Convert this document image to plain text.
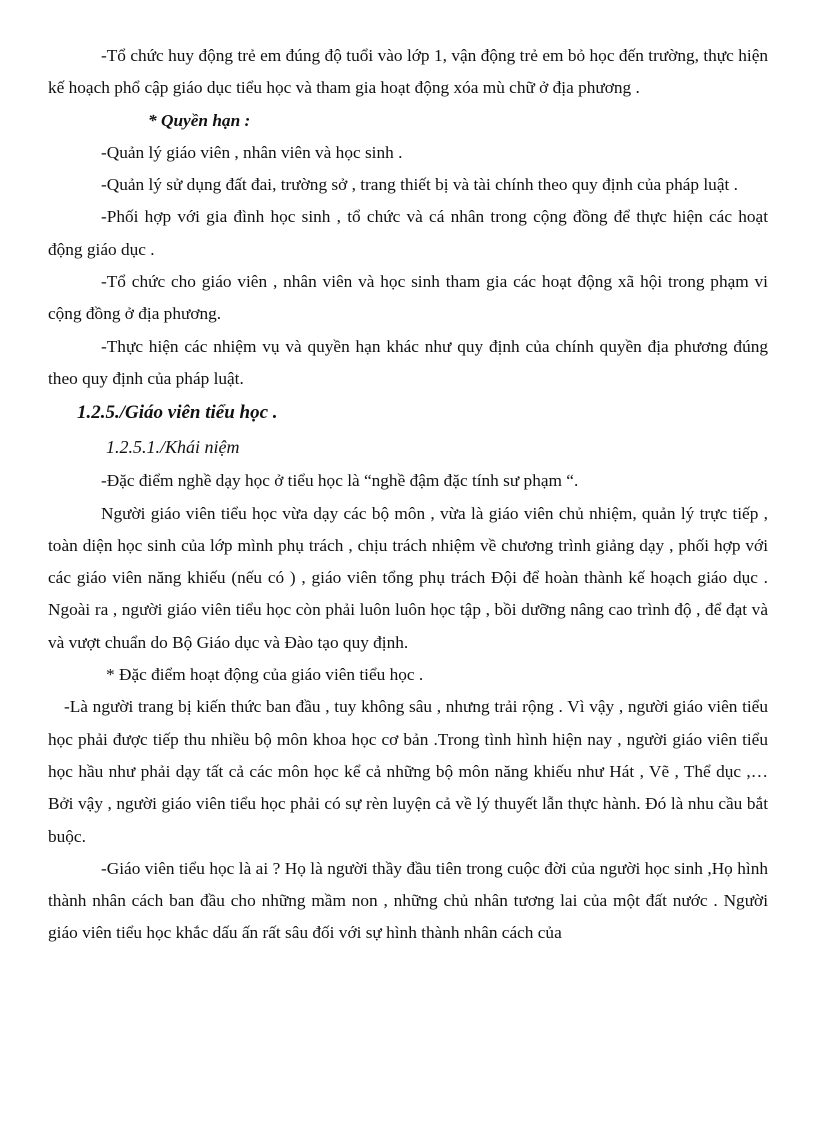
-Tổ chức huy động trẻ em đúng độ tuổi vào lớp 1, vận động trẻ em bỏ học đến trường, thực hiện kế hoạch phổ cập giáo dục tiểu học và tham gia hoạt động xóa mù chữ ở địa phương .

* Quyền hạn :

-Quản lý giáo viên , nhân viên và học sinh .

-Quản lý sử dụng đất đai, trường sở , trang thiết bị và tài chính theo quy định của pháp luật .

-Phối hợp với gia đình học sinh , tổ chức và cá nhân trong cộng đồng để thực hiện các hoạt động giáo dục .

-Tổ chức cho giáo viên , nhân viên và học sinh tham gia các hoạt động xã hội trong phạm vi cộng đồng ở địa phương.

-Thực hiện các nhiệm vụ và quyền hạn khác như quy định của chính quyền địa phương đúng theo quy định của pháp luật.

1.2.5./Giáo viên tiểu học .

1.2.5.1./Khái niệm

-Đặc điểm nghề dạy học ở tiểu học là “nghề đậm đặc tính sư phạm “.

Người giáo viên tiểu học vừa dạy các bộ môn , vừa là giáo viên chủ nhiệm, quản lý trực tiếp , toàn diện học sinh của lớp mình phụ trách , chịu trách nhiệm về chương trình giảng dạy , phối hợp với các giáo viên năng khiếu (nếu có ) , giáo viên tổng phụ trách Đội để hoàn thành kế hoạch giáo dục . Ngoài ra , người giáo viên tiểu học còn phải luôn luôn học tập , bồi dưỡng nâng cao trình độ , để đạt và và vượt chuẩn do Bộ Giáo dục và Đào tạo quy định.

* Đặc điểm hoạt động của giáo viên tiểu học .

-Là người trang bị kiến thức ban đầu , tuy không sâu , nhưng trải rộng . Vì vậy , người giáo viên tiểu học phải được tiếp thu nhiều bộ môn khoa học cơ bản .Trong tình hình hiện nay , người giáo viên tiểu học hầu như phải dạy tất cả các môn học kể cả những bộ môn năng khiếu như Hát , Vẽ , Thể dục ,…Bởi vậy , người giáo viên tiểu học phải có sự rèn luyện cả về lý thuyết lẫn thực hành. Đó là nhu cầu bắt buộc.

-Giáo viên tiểu học là ai ? Họ là người thầy đầu tiên trong cuộc đời của người học sinh ,Họ hình thành nhân cách ban đầu cho những mầm non , những chủ nhân tương lai của một đất nước . Người giáo viên tiểu học khắc dấu ấn rất sâu đối với sự hình thành nhân cách của
